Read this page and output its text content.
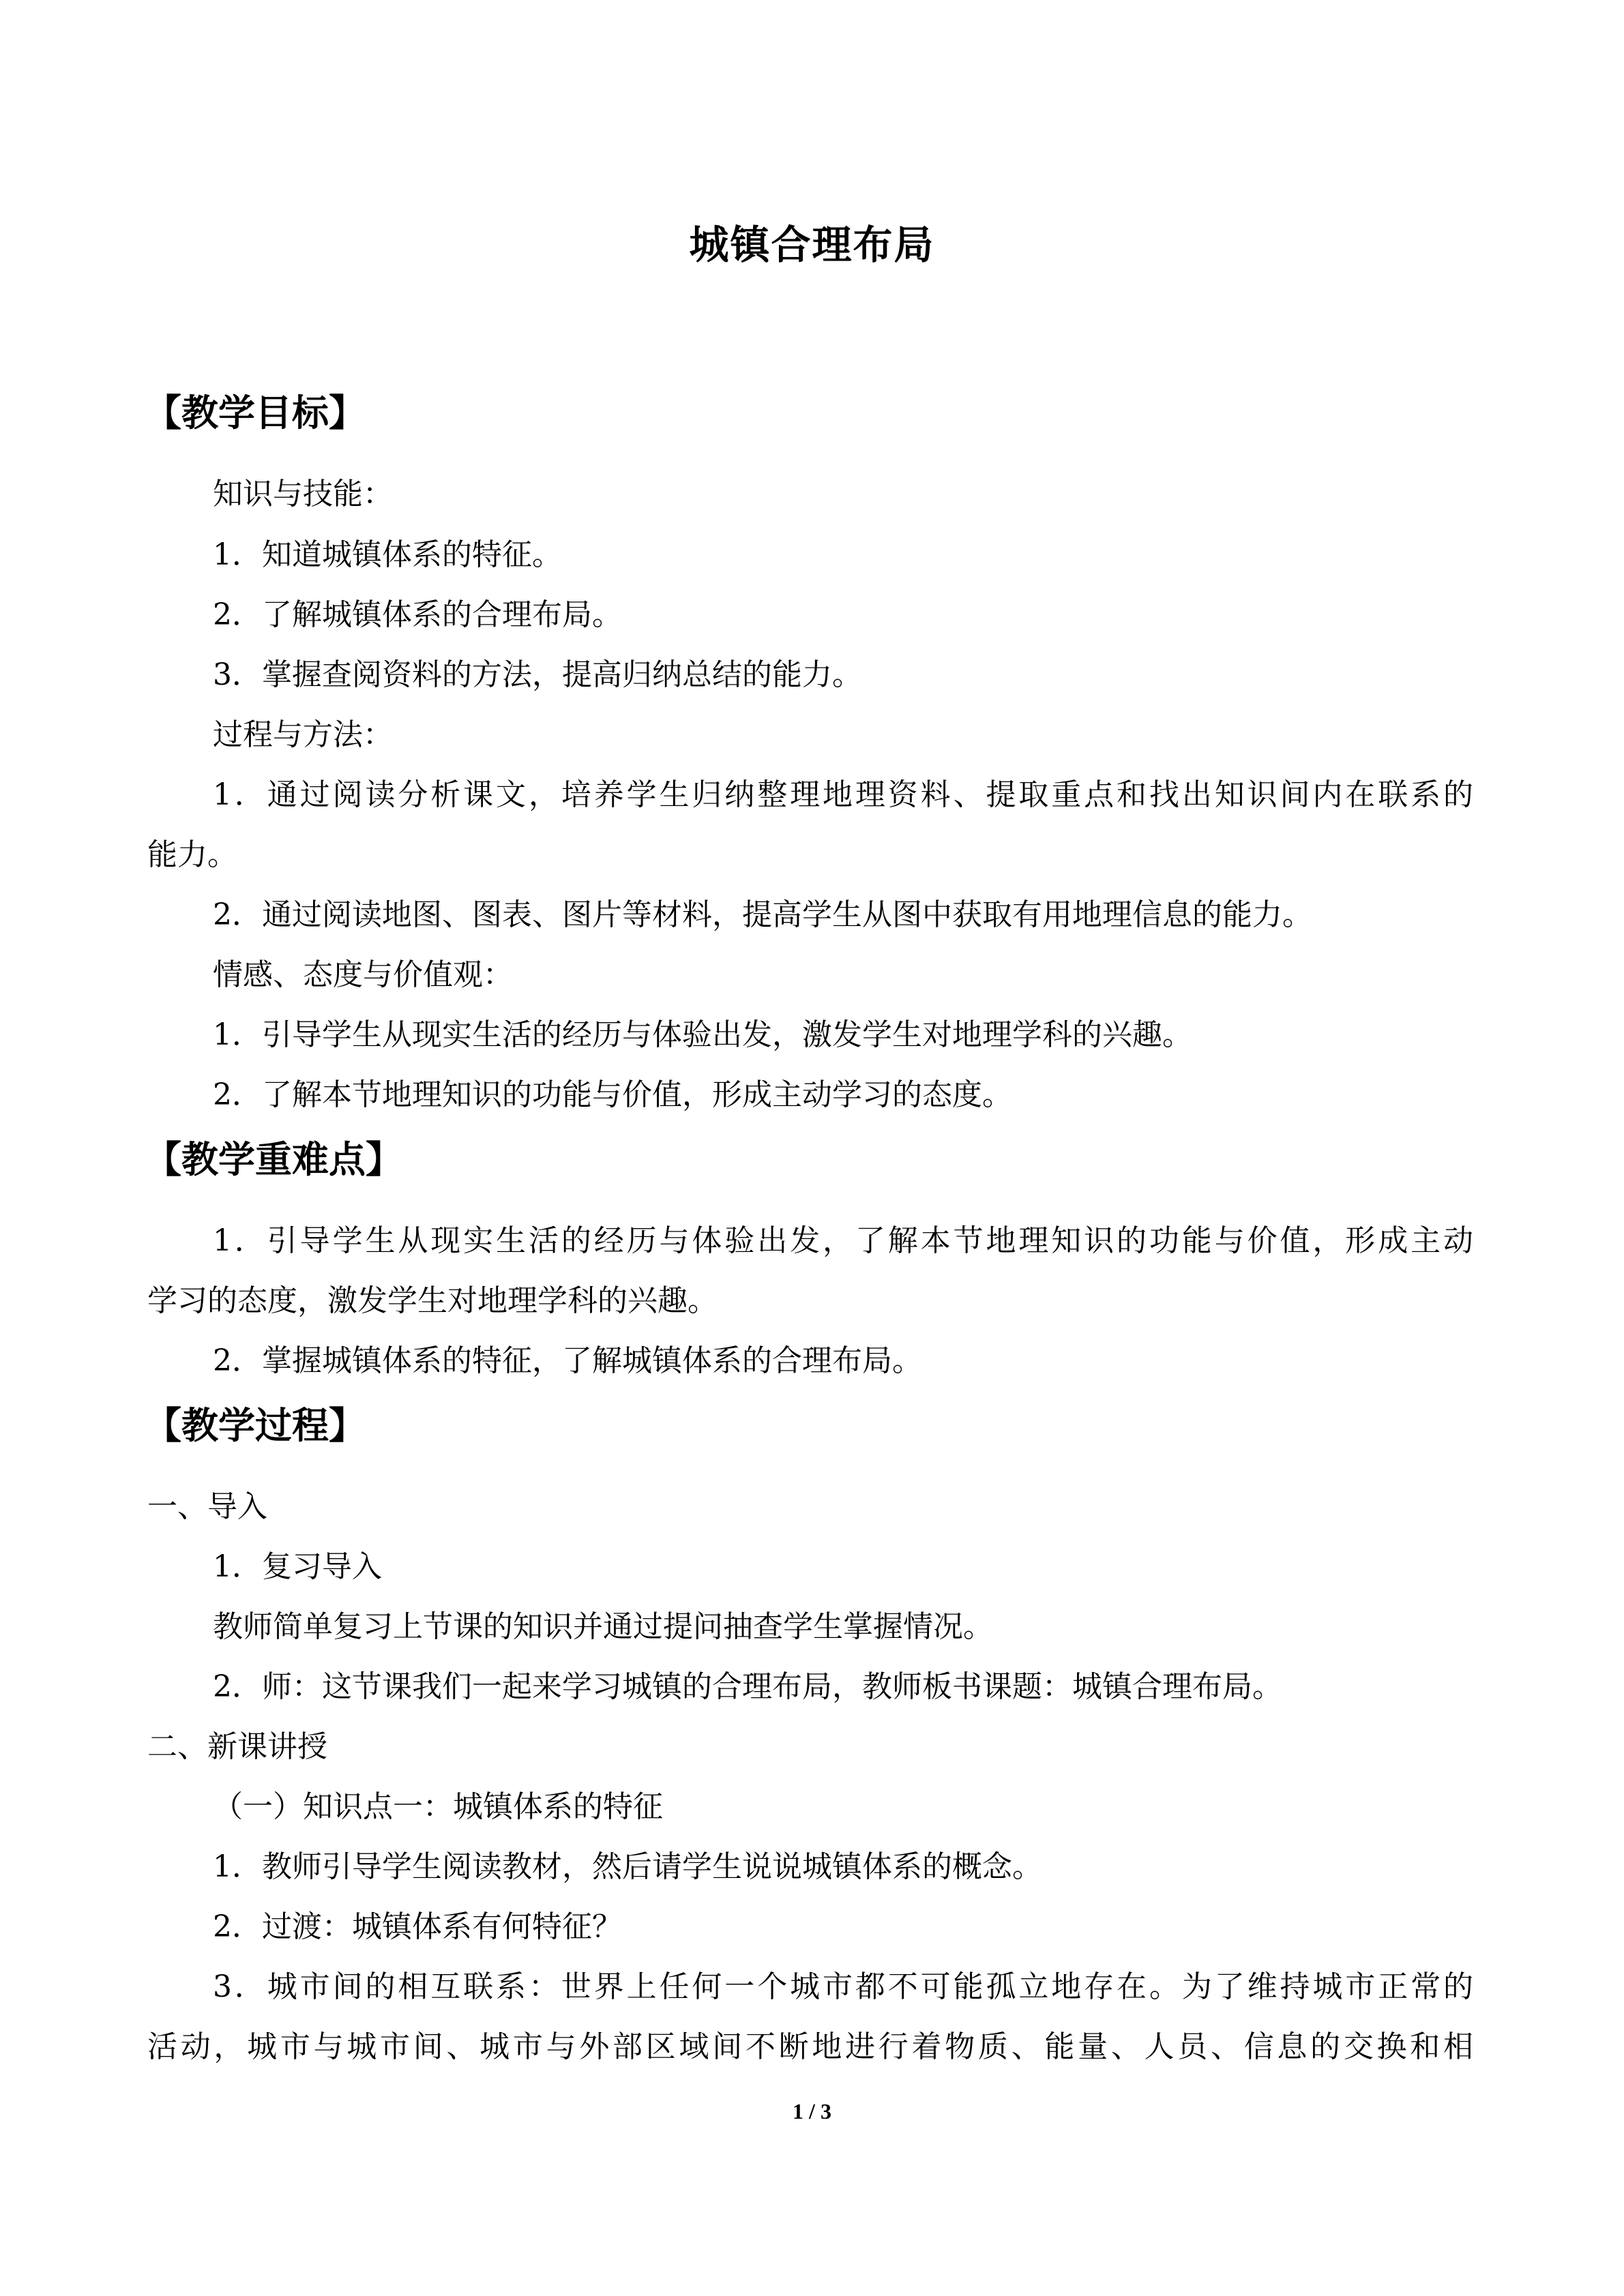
城镇合理布局
【教学目标】
知识与技能：
1．知道城镇体系的特征。
2．了解城镇体系的合理布局。
3．掌握查阅资料的方法，提高归纳总结的能力。
过程与方法：
1．通过阅读分析课文，培养学生归纳整理地理资料、提取重点和找出知识间内在联系的
能力。
2．通过阅读地图、图表、图片等材料，提高学生从图中获取有用地理信息的能力。
情感、态度与价值观：
1．引导学生从现实生活的经历与体验出发，激发学生对地理学科的兴趣。
2．了解本节地理知识的功能与价值，形成主动学习的态度。
【教学重难点】
1．引导学生从现实生活的经历与体验出发，了解本节地理知识的功能与价值，形成主动
学习的态度，激发学生对地理学科的兴趣。
2．掌握城镇体系的特征，了解城镇体系的合理布局。
【教学过程】
一、导入
1．复习导入
教师简单复习上节课的知识并通过提问抽查学生掌握情况。
2．师：这节课我们一起来学习城镇的合理布局，教师板书课题：城镇合理布局。
二、新课讲授
（一）知识点一：城镇体系的特征
1．教师引导学生阅读教材，然后请学生说说城镇体系的概念。
2．过渡：城镇体系有何特征？
3．城市间的相互联系：世界上任何一个城市都不可能孤立地存在。为了维持城市正常的
活动，城市与城市间、城市与外部区域间不断地进行着物质、能量、人员、信息的交换和相
1 / 3
